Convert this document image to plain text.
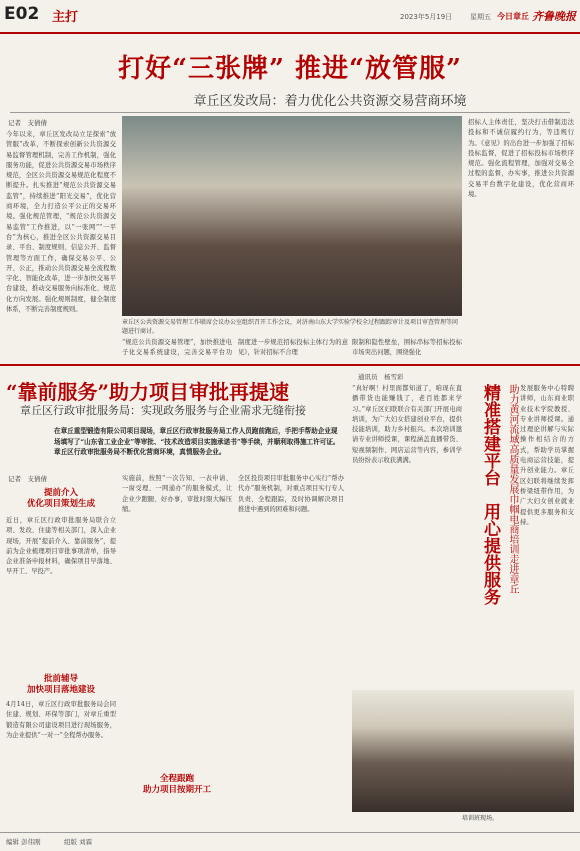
E02 主打	2023年5月19日	星期五 今日章丘 齐鲁晚报
打好“三张牌” 推进“放管服”
章丘区发改局：着力优化公共资源交易营商环境
记者　支倩倩
今年以来，章丘区发改局立足探索“放管服”改革，不断探索创新公共资源交易监督管理机制，完善工作机制，强化服务功能，促进公共资源交易市场秩序规范，全区公共资源交易规范化程度不断提升。扎实推进“规范公共资源交易监管”，持续推进“阳光交易”，优化营商环境，全力打造公平公正的交易环境。强化规范管理，“规范公共资源交易监管”工作推进，以“一张网”“一平台”为核心，推进全区公共资源交易目录、平台、制度规则、信息公开、监督管理等方面工作，确保交易公平、公开、公正，推动公共资源交易全流程数字化、智能化改革，进一步加快交易平台建设，推动交易服务向标准化、规范化方向发展。强化规则制度，健全制度体系，不断完善制度规则。
章丘区公共资源交易管理工作联席会议办公室组织召开工作会议，对济南山东大学实验学校全过程跟踪审计及项目审查管理等问题进行商讨。
“规范公共资源交易管理”，加快推进电子化交易系统建设，完善交易平台功
制度进一步规范招标投标主体行为的意见》，针对招标不合理
限制和隐性壁垒，围标串标等招标投标市场突出问题，围绕强化
招标人主体责任，坚决打击借制违法投标和不诚信履约行为，等违规行为。《意见》的出台进一步加强了招标投标监督，促进了招标投标市场秩序规范。强化流程管理，加强对交易全过程的监督，办实事，推进公共资源交易平台数字化建设，优化营商环境。
“靠前服务”助力项目审批再提速
章丘区行政审批服务局：实现政务服务与企业需求无缝衔接
通讯员　杨雪彩
在章丘重型锻造有限公司项目现场，章丘区行政审批服务局工作人员跑前跑后，手把手帮助企业现场填写了“山东省工业企业”等审批、“技术改造项目实施承诺书”等手续，并顺利取得施工许可证。章丘区行政审批服务局不断优化营商环境，真情服务企业。
记者　支倩倩
提前介入
优化项目策划生成
近日，章丘区行政审批服务局联合立项、发改、住建等相关部门，深入企业现场，开展“提前介入、靠前服务”，提前为企业梳理项目审批事项清单，指导企业准备申报材料，确保项目早落地、早开工、早投产。
批前辅导
加快项目落地建设
4月14日，章丘区行政审批服务局会同住建、规划、环保等部门，对章丘重型锻造有限公司建设项目进行现场服务，为企业提供“一对一”全程帮办服务。
实施前，按照“一次告知、一表申请、一窗受理、一网通办”的服务模式，让企业少跑腿、好办事，审批时限大幅压缩。
全程跟跑
助力项目按期开工
全区投资项目审批服务中心实行“帮办代办”服务机制，对重点项目实行专人负责、全程跟踪，及时协调解决项目推进中遇到的困难和问题。
“真好啊！村里面都知道了，咱现在直播带货也能赚钱了，老百姓都来学习。”章丘区妇联联合有关部门开展电商培训，为广大妇女搭建创业平台，提供技能培训，助力乡村振兴。本次培训邀请专业讲师授课，课程涵盖直播带货、短视频制作、网店运营等内容，参训学员纷纷表示收获满满。	精准搭建平台　用心提供服务 助力黄河流域高质量发展巾帼电商培训走进章丘 发展服务中心特聘讲师，山东商业职业技术学院教授、专业讲师授课。通过理论讲解与实际操作相结合的方式，帮助学员掌握电商运营技能，提升创业能力。章丘区妇联将继续发挥桥梁纽带作用，为广大妇女创业就业提供更多服务和支持。
培训班现场。
编辑 彭伟刚	组版 刘霖
